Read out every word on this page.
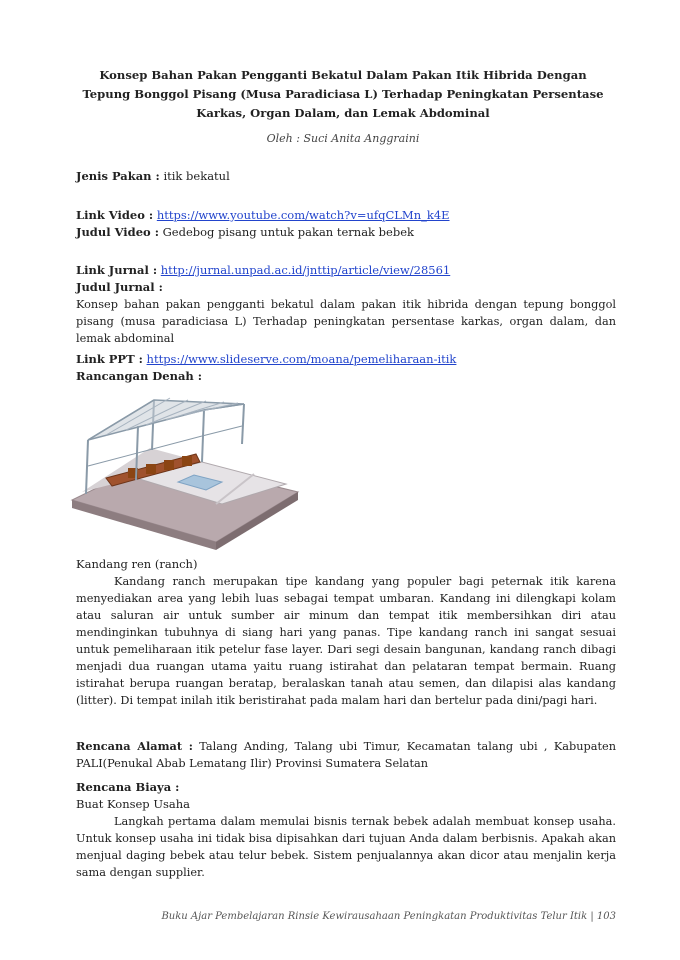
Konsep Bahan Pakan Pengganti Bekatul Dalam Pakan Itik Hibrida Dengan Tepung Bonggol Pisang (Musa Paradiciasa L) Terhadap Peningkatan Persentase Karkas, Organ Dalam, dan Lemak Abdominal
Oleh : Suci Anita Anggraini
Jenis Pakan : itik bekatul
Link Video : https://www.youtube.com/watch?v=ufqCLMn_k4E
Judul Video : Gedebog pisang untuk pakan ternak bebek
Link Jurnal : http://jurnal.unpad.ac.id/jnttip/article/view/28561
Judul Jurnal :
Konsep bahan pakan pengganti bekatul dalam pakan itik hibrida dengan tepung bonggol pisang (musa paradiciasa L) Terhadap peningkatan persentase karkas, organ dalam, dan lemak abdominal
Link PPT : https://www.slideserve.com/moana/pemeliharaan-itik
Rancangan Denah :
Kandang ren (ranch)
Kandang ranch merupakan tipe kandang yang populer bagi peternak itik karena menyediakan area yang lebih luas sebagai tempat umbaran. Kandang ini dilengkapi kolam atau saluran air untuk sumber air minum dan tempat itik membersihkan diri atau mendinginkan tubuhnya di siang hari yang panas. Tipe kandang ranch ini sangat sesuai untuk pemeliharaan itik petelur fase layer. Dari segi desain bangunan, kandang ranch dibagi menjadi dua ruangan utama yaitu ruang istirahat dan pelataran tempat bermain. Ruang istirahat berupa ruangan beratap, beralaskan tanah atau semen, dan dilapisi alas kandang (litter). Di tempat inilah itik beristirahat pada malam hari dan bertelur pada dini/pagi hari.
Rencana Alamat : Talang Anding, Talang ubi Timur, Kecamatan talang ubi , Kabupaten PALI(Penukal Abab Lematang Ilir) Provinsi Sumatera Selatan
Rencana Biaya :
Buat Konsep Usaha
Langkah pertama dalam memulai bisnis ternak bebek adalah membuat konsep usaha. Untuk konsep usaha ini tidak bisa dipisahkan dari tujuan Anda dalam berbisnis. Apakah akan menjual daging bebek atau telur bebek. Sistem penjualannya akan dicor atau menjalin kerja sama dengan supplier.
Buku Ajar Pembelajaran Rinsie Kewirausahaan Peningkatan Produktivitas Telur Itik | 103
